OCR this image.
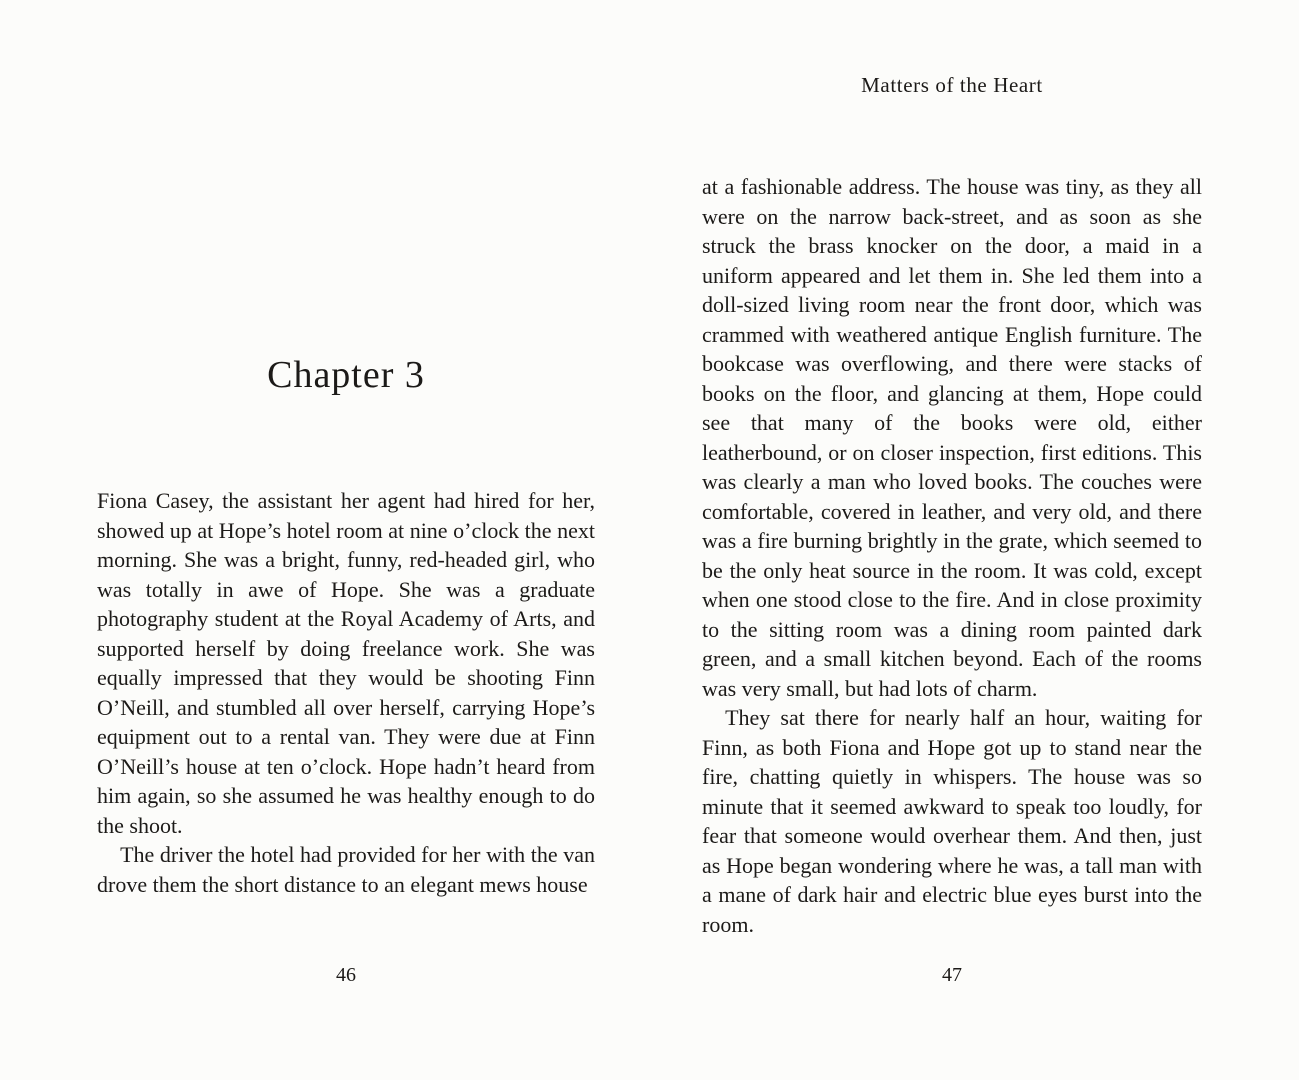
Chapter 3

Fiona Casey, the assistant her agent had hired for her, showed up at Hope’s hotel room at nine o’clock the next morning. She was a bright, funny, red-headed girl, who was totally in awe of Hope. She was a graduate photography student at the Royal Academy of Arts, and supported herself by doing freelance work. She was equally impressed that they would be shooting Finn O’Neill, and stumbled all over herself, carrying Hope’s equipment out to a rental van. They were due at Finn O’Neill’s house at ten o’clock. Hope hadn’t heard from him again, so she assumed he was healthy enough to do the shoot.

The driver the hotel had provided for her with the van drove them the short distance to an elegant mews house

46
Matters of the Heart

at a fashionable address. The house was tiny, as they all were on the narrow back-street, and as soon as she struck the brass knocker on the door, a maid in a uniform appeared and let them in. She led them into a doll-sized living room near the front door, which was crammed with weathered antique English furniture. The bookcase was overflowing, and there were stacks of books on the floor, and glancing at them, Hope could see that many of the books were old, either leatherbound, or on closer inspection, first editions. This was clearly a man who loved books. The couches were comfortable, covered in leather, and very old, and there was a fire burning brightly in the grate, which seemed to be the only heat source in the room. It was cold, except when one stood close to the fire. And in close proximity to the sitting room was a dining room painted dark green, and a small kitchen beyond. Each of the rooms was very small, but had lots of charm.

They sat there for nearly half an hour, waiting for Finn, as both Fiona and Hope got up to stand near the fire, chatting quietly in whispers. The house was so minute that it seemed awkward to speak too loudly, for fear that someone would overhear them. And then, just as Hope began wondering where he was, a tall man with a mane of dark hair and electric blue eyes burst into the room.

47
